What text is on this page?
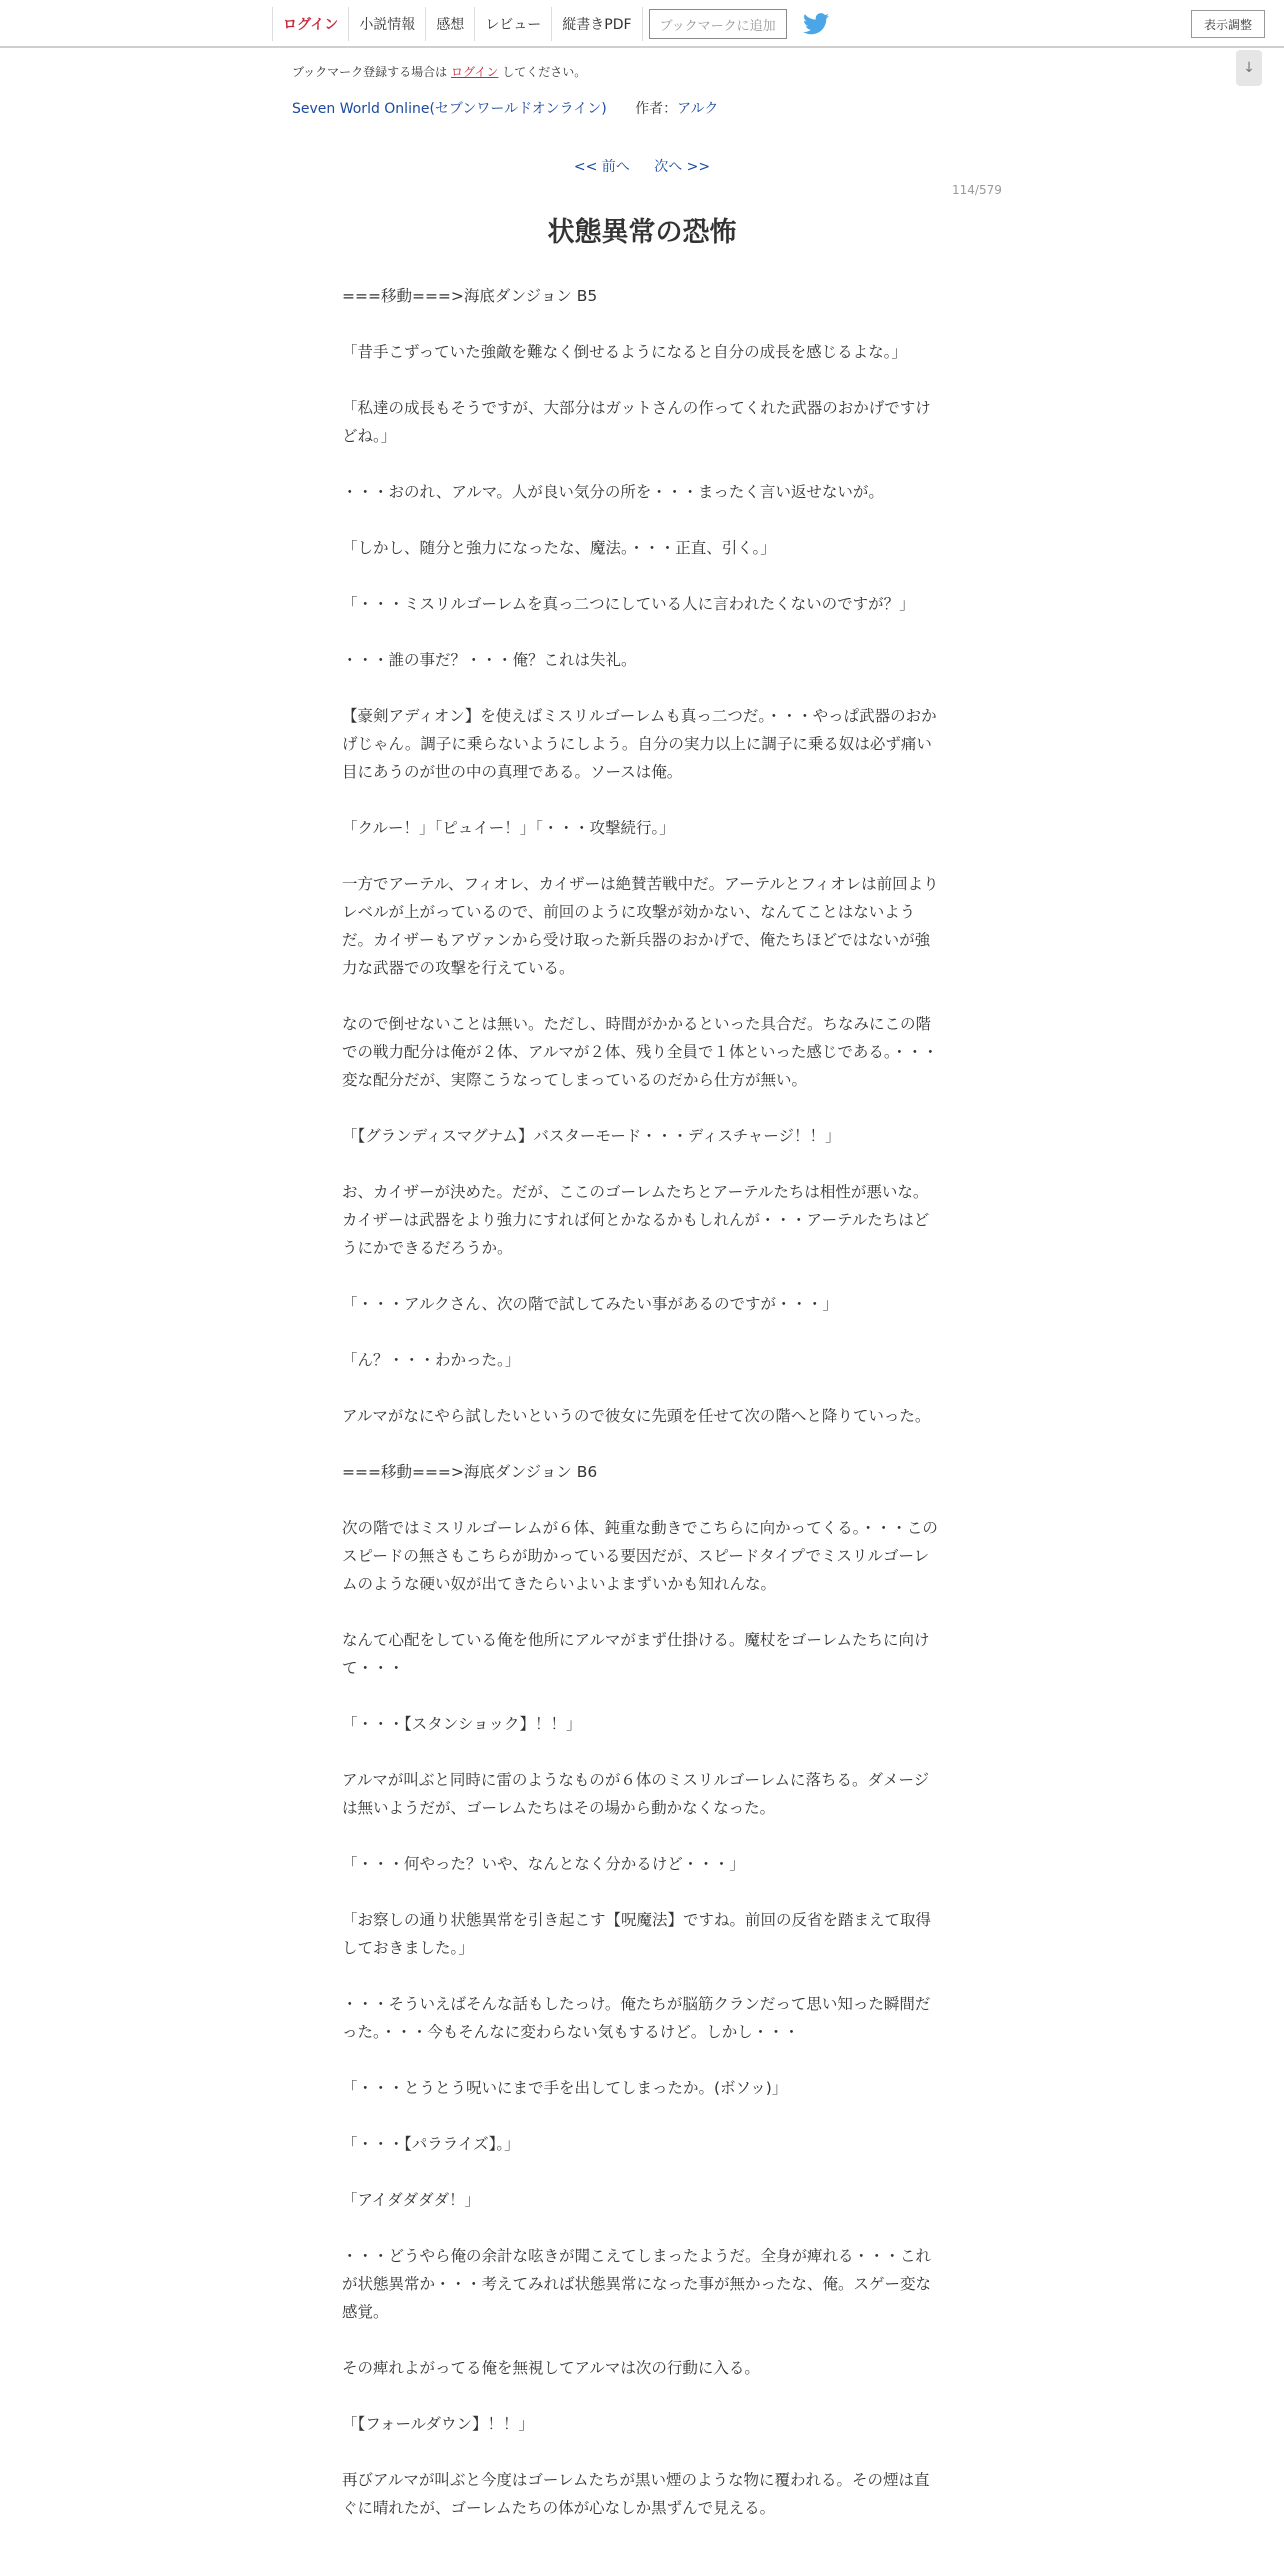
ログイン	小説情報	感想	レビュー	縦書きPDF	ブックマークに追加	表示調整
↓
ブックマーク登録する場合は ログイン してください。
Seven World Online(セブンワールドオンライン) 作者：アルク
<< 前へ 次へ >>
114/579
状態異常の恐怖

===移動===>海底ダンジョン B5

「昔手こずっていた強敵を難なく倒せるようになると自分の成長を感じるよな。」

「私達の成長もそうですが、大部分はガットさんの作ってくれた武器のおかげですけどね。」

・・・おのれ、アルマ。人が良い気分の所を・・・まったく言い返せないが。

「しかし、随分と強力になったな、魔法。・・・正直、引く。」

「・・・ミスリルゴーレムを真っ二つにしている人に言われたくないのですが？」

・・・誰の事だ？・・・俺？これは失礼。

【豪剣アディオン】を使えばミスリルゴーレムも真っ二つだ。・・・やっぱ武器のおかげじゃん。調子に乗らないようにしよう。自分の実力以上に調子に乗る奴は必ず痛い目にあうのが世の中の真理である。ソースは俺。

「クルー！」「ピュイー！」「・・・攻撃続行。」

一方でアーテル、フィオレ、カイザーは絶賛苦戦中だ。アーテルとフィオレは前回よりレベルが上がっているので、前回のように攻撃が効かない、なんてことはないようだ。カイザーもアヴァンから受け取った新兵器のおかげで、俺たちほどではないが強力な武器での攻撃を行えている。

なので倒せないことは無い。ただし、時間がかかるといった具合だ。ちなみにこの階での戦力配分は俺が２体、アルマが２体、残り全員で１体といった感じである。・・・変な配分だが、実際こうなってしまっているのだから仕方が無い。

「【グランディスマグナム】バスターモード・・・ディスチャージ！！」

お、カイザーが決めた。だが、ここのゴーレムたちとアーテルたちは相性が悪いな。カイザーは武器をより強力にすれば何とかなるかもしれんが・・・アーテルたちはどうにかできるだろうか。

「・・・アルクさん、次の階で試してみたい事があるのですが・・・」

「ん？・・・わかった。」

アルマがなにやら試したいというので彼女に先頭を任せて次の階へと降りていった。

===移動===>海底ダンジョン B6

次の階ではミスリルゴーレムが６体、鈍重な動きでこちらに向かってくる。・・・このスピードの無さもこちらが助かっている要因だが、スピードタイプでミスリルゴーレムのような硬い奴が出てきたらいよいよまずいかも知れんな。

なんて心配をしている俺を他所にアルマがまず仕掛ける。魔杖をゴーレムたちに向けて・・・

「・・・【スタンショック】！！」

アルマが叫ぶと同時に雷のようなものが６体のミスリルゴーレムに落ちる。ダメージは無いようだが、ゴーレムたちはその場から動かなくなった。

「・・・何やった？いや、なんとなく分かるけど・・・」

「お察しの通り状態異常を引き起こす【呪魔法】ですね。前回の反省を踏まえて取得しておきました。」

・・・そういえばそんな話もしたっけ。俺たちが脳筋クランだって思い知った瞬間だった。・・・今もそんなに変わらない気もするけど。しかし・・・

「・・・とうとう呪いにまで手を出してしまったか。(ボソッ)」

「・・・【パラライズ】。」

「アイダダダダ！」

・・・どうやら俺の余計な呟きが聞こえてしまったようだ。全身が痺れる・・・これが状態異常か・・・考えてみれば状態異常になった事が無かったな、俺。スゲー変な感覚。

その痺れよがってる俺を無視してアルマは次の行動に入る。

「【フォールダウン】！！」

再びアルマが叫ぶと今度はゴーレムたちが黒い煙のような物に覆われる。その煙は直ぐに晴れたが、ゴーレムたちの体が心なしか黒ずんで見える。
